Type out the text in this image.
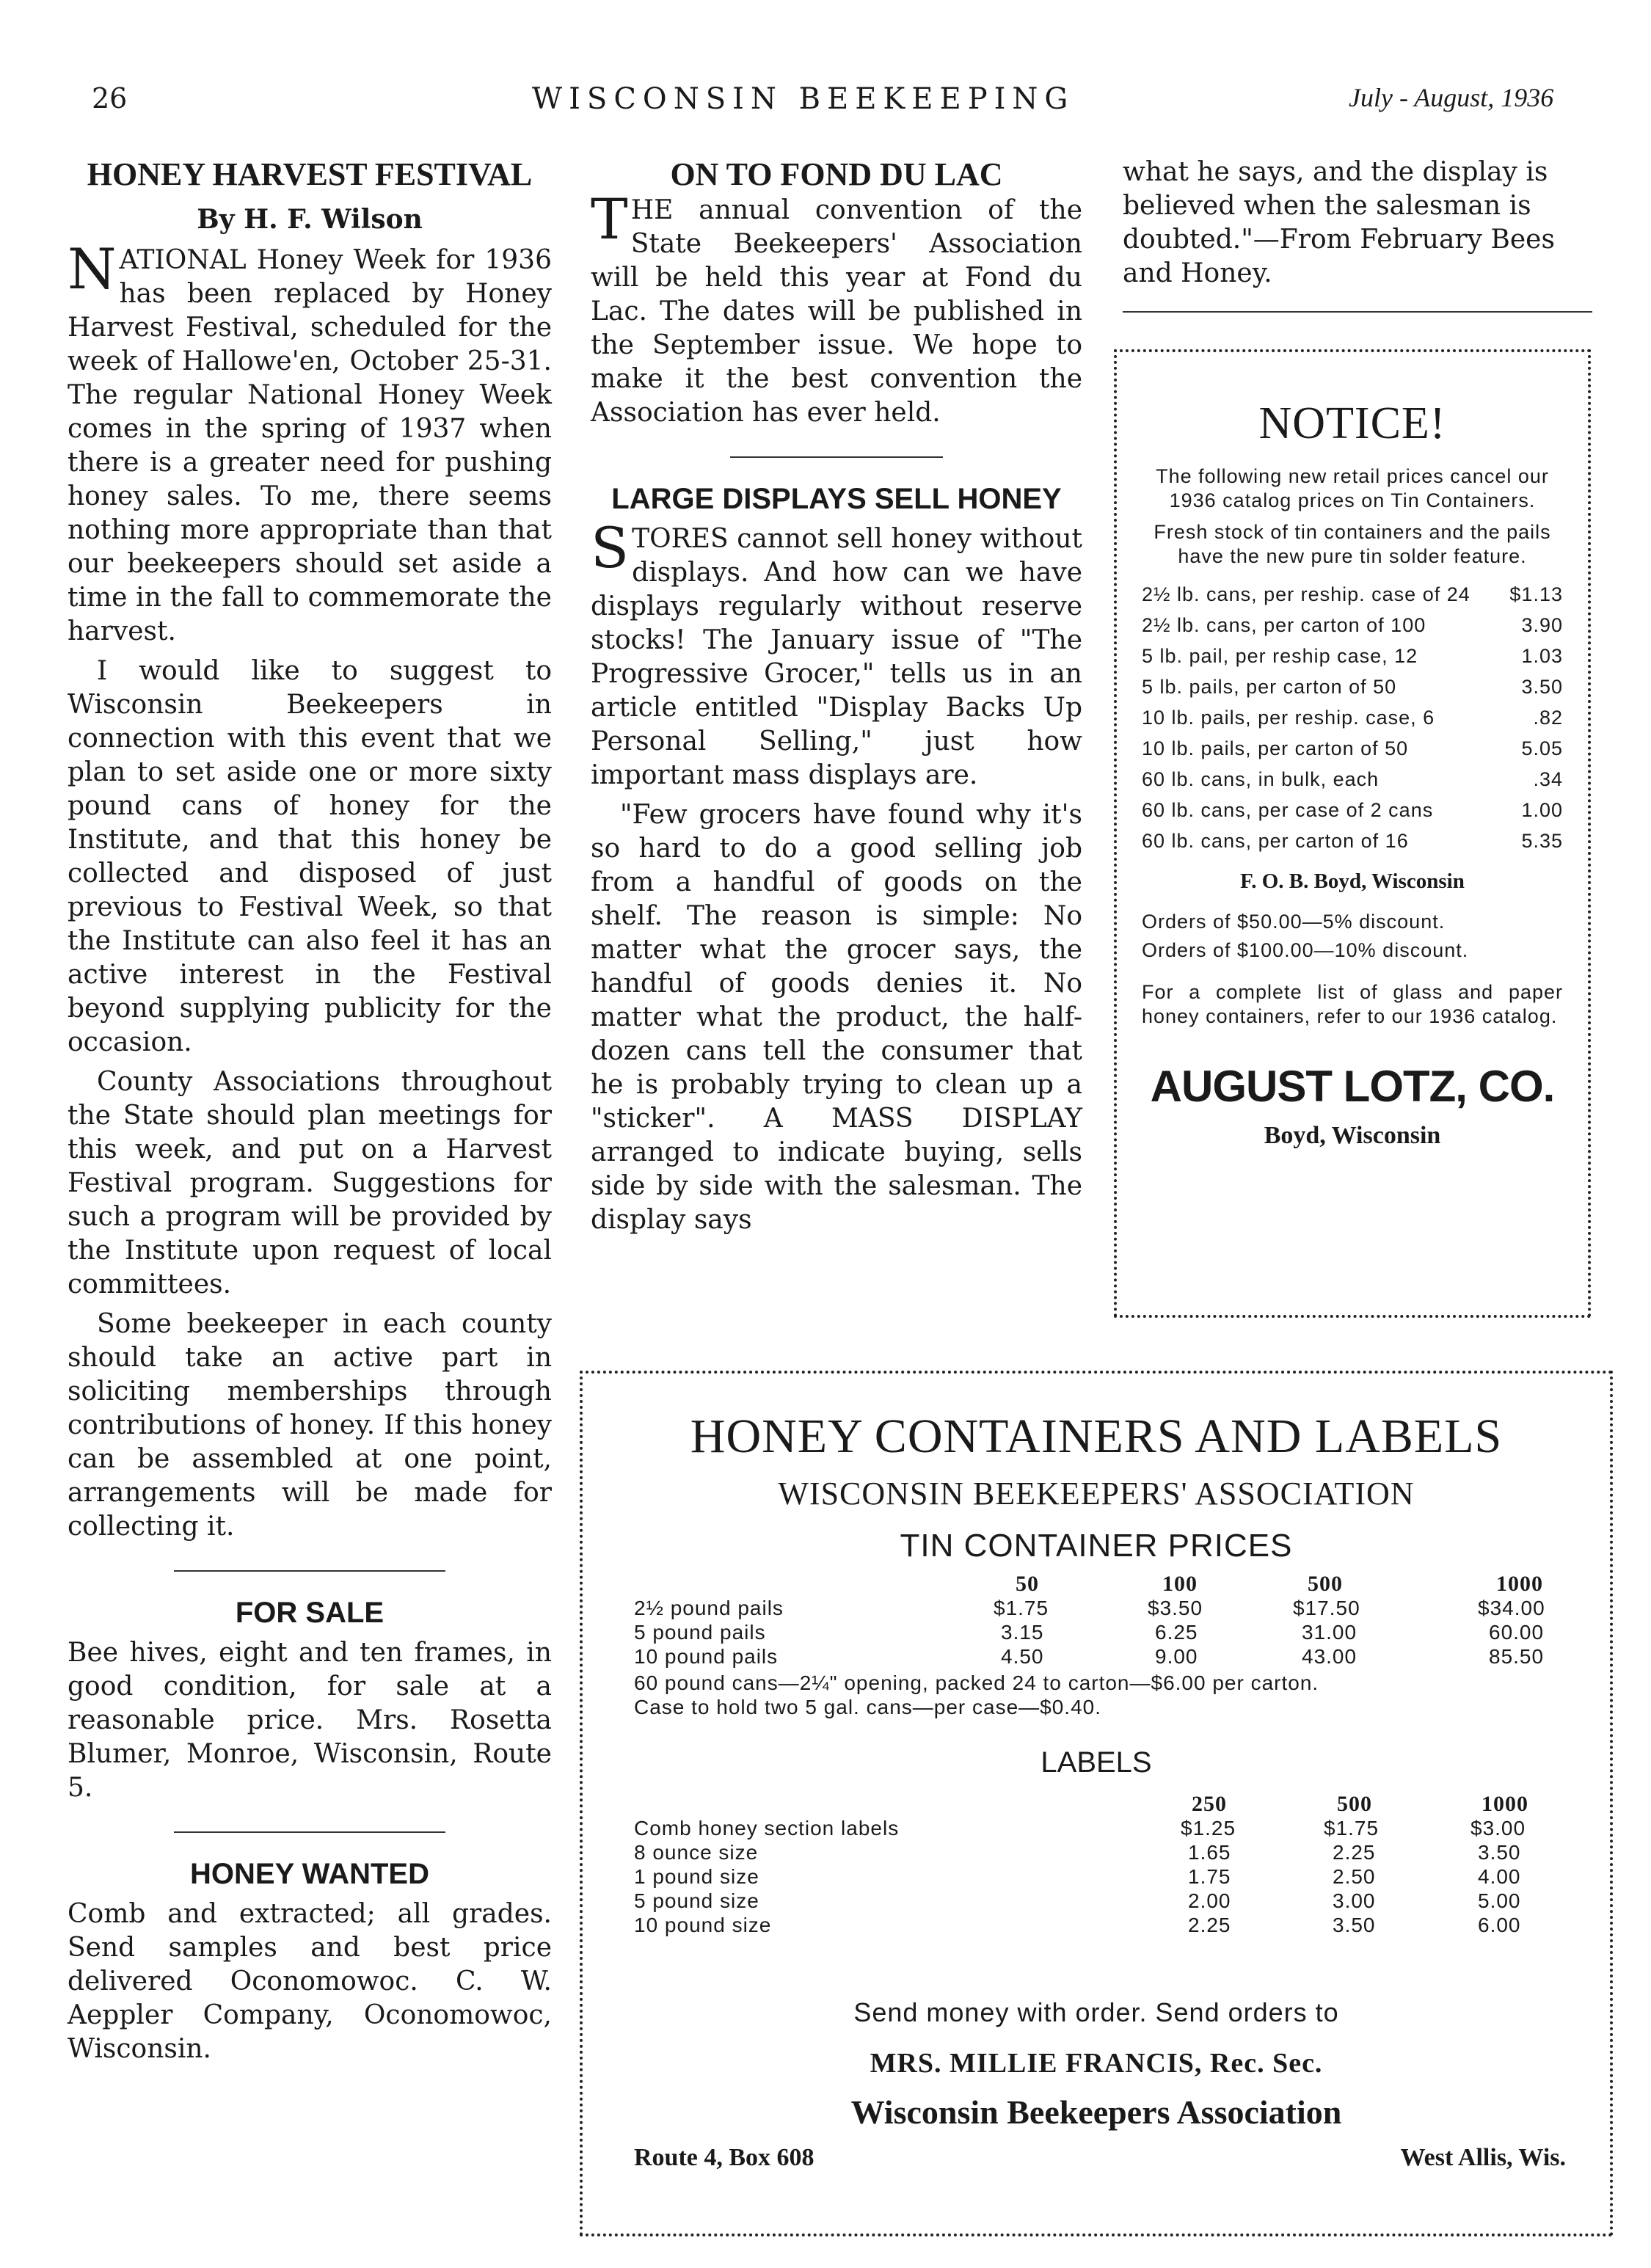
26	WISCONSIN BEEKEEPING	July - August, 1936
HONEY HARVEST FESTIVAL
By H. F. Wilson

NATIONAL Honey Week for 1936 has been replaced by Honey Harvest Festival, scheduled for the week of Hallowe'en, October 25-31. The regular National Honey Week comes in the spring of 1937 when there is a greater need for pushing honey sales. To me, there seems nothing more appropriate than that our beekeepers should set aside a time in the fall to commemorate the harvest.

I would like to suggest to Wisconsin Beekeepers in connection with this event that we plan to set aside one or more sixty pound cans of honey for the Institute, and that this honey be collected and disposed of just previous to Festival Week, so that the Institute can also feel it has an active interest in the Festival beyond supplying publicity for the occasion.

County Associations throughout the State should plan meetings for this week, and put on a Harvest Festival program. Suggestions for such a program will be provided by the Institute upon request of local committees.

Some beekeeper in each county should take an active part in soliciting memberships through contributions of honey. If this honey can be assembled at one point, arrangements will be made for collecting it.

FOR SALE

Bee hives, eight and ten frames, in good condition, for sale at a reasonable price. Mrs. Rosetta Blumer, Monroe, Wisconsin, Route 5.

HONEY WANTED

Comb and extracted; all grades. Send samples and best price delivered Oconomowoc. C. W. Aeppler Company, Oconomowoc, Wisconsin.

ON TO FOND DU LAC

THE annual convention of the State Beekeepers' Association will be held this year at Fond du Lac. The dates will be published in the September issue. We hope to make it the best convention the Association has ever held.

LARGE DISPLAYS SELL HONEY

STORES cannot sell honey without displays. And how can we have displays regularly without reserve stocks! The January issue of "The Progressive Grocer," tells us in an article entitled "Display Backs Up Personal Selling," just how important mass displays are.

"Few grocers have found why it's so hard to do a good selling job from a handful of goods on the shelf. The reason is simple: No matter what the grocer says, the handful of goods denies it. No matter what the product, the half-dozen cans tell the consumer that he is probably trying to clean up a "sticker". A MASS DISPLAY arranged to indicate buying, sells side by side with the salesman. The display says

what he says, and the display is believed when the salesman is doubted."—From February Bees and Honey.

NOTICE!

The following new retail prices cancel our 1936 catalog prices on Tin Containers.

Fresh stock of tin containers and the pails have the new pure tin solder feature.

2½ lb. cans, per reship. case of 24 $1.13
2½ lb. cans, per carton of 100	3.90
5 lb. pail, per reship case, 12	1.03
5 lb. pails, per carton of 50	3.50
10 lb. pails, per reship. case, 6	.82
10 lb. pails, per carton of 50	5.05
60 lb. cans, in bulk, each	.34
60 lb. cans, per case of 2 cans	1.00
60 lb. cans, per carton of 16	5.35
F. O. B. Boyd, Wisconsin

Orders of $50.00—5% discount.

Orders of $100.00—10% discount.

For a complete list of glass and paper honey containers, refer to our 1936 catalog.

AUGUST LOTZ, CO.
Boyd, Wisconsin
HONEY CONTAINERS AND LABELS
WISCONSIN BEEKEEPERS' ASSOCIATION
TIN CONTAINER PRICES
50	100	500	1000
2½ pound pails	$1.75	$3.50	$17.50	$34.00
5 pound pails	3.15	6.25	31.00	60.00
10 pound pails	4.50	9.00	43.00	85.50
60 pound cans—2¼" opening, packed 24 to carton—$6.00 per carton.
Case to hold two 5 gal. cans—per case—$0.40.
LABELS
250	500	1000
Comb honey section labels	$1.25	$1.75	$3.00
8 ounce size	1.65	2.25	3.50
1 pound size	1.75	2.50	4.00
5 pound size	2.00	3.00	5.00
10 pound size	2.25	3.50	6.00
Send money with order. Send orders to
MRS. MILLIE FRANCIS, Rec. Sec.
Wisconsin Beekeepers Association
Route 4, Box 608	West Allis, Wis.
